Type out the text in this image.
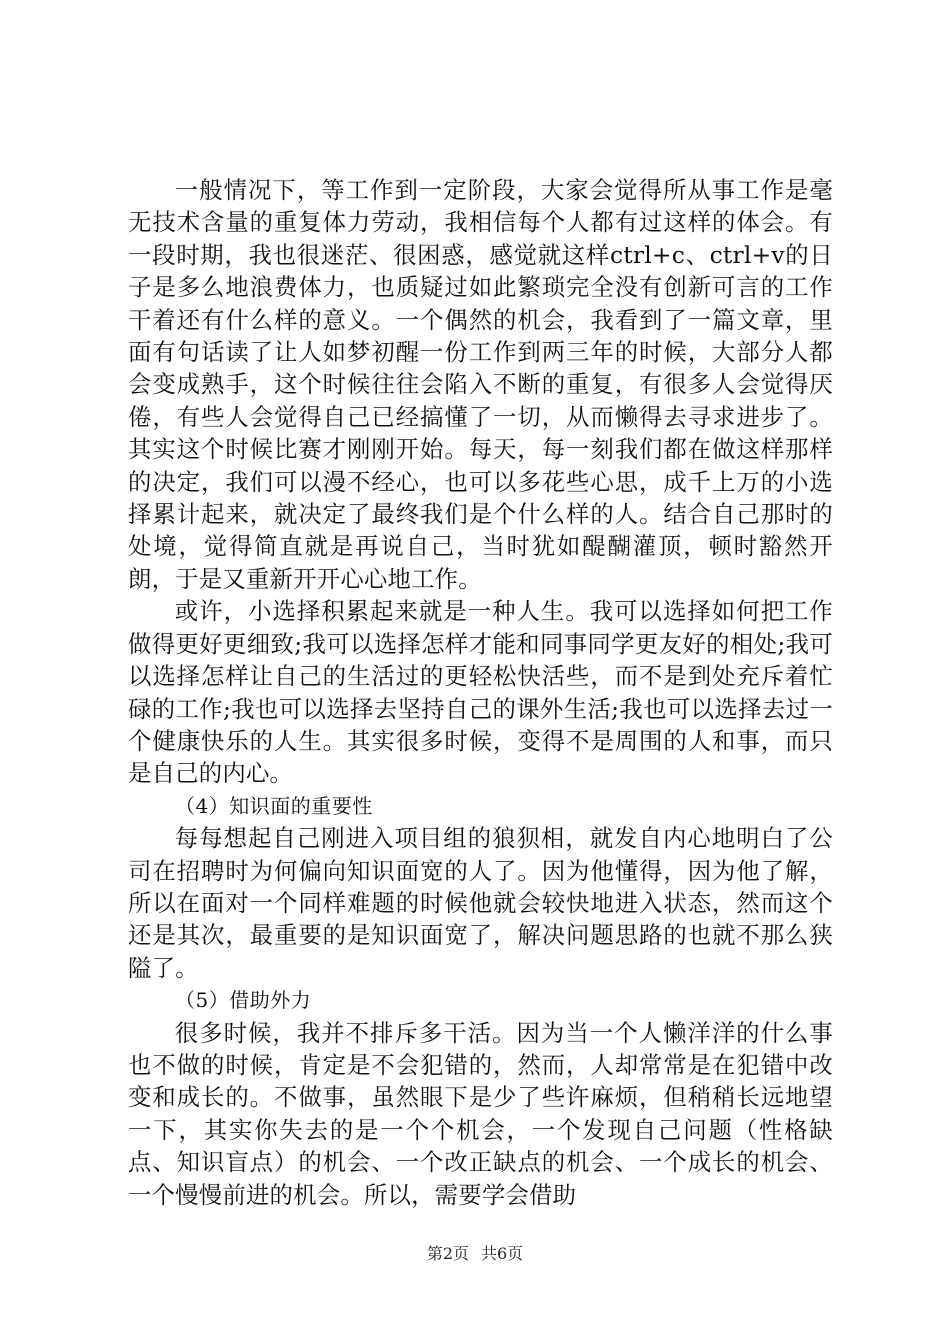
一般情况下，等工作到一定阶段，大家会觉得所从事工作是毫无技术含量的重复体力劳动，我相信每个人都有过这样的体会。有一段时期，我也很迷茫、很困惑，感觉就这样ctrl+c、ctrl+v的日子是多么地浪费体力，也质疑过如此繁琐完全没有创新可言的工作干着还有什么样的意义。一个偶然的机会，我看到了一篇文章，里面有句话读了让人如梦初醒一份工作到两三年的时候，大部分人都会变成熟手，这个时候往往会陷入不断的重复，有很多人会觉得厌倦，有些人会觉得自己已经搞懂了一切，从而懒得去寻求进步了。其实这个时候比赛才刚刚开始。每天，每一刻我们都在做这样那样的决定，我们可以漫不经心，也可以多花些心思，成千上万的小选择累计起来，就决定了最终我们是个什么样的人。结合自己那时的处境，觉得简直就是再说自己，当时犹如醍醐灌顶，顿时豁然开朗，于是又重新开开心心地工作。

或许，小选择积累起来就是一种人生。我可以选择如何把工作做得更好更细致;我可以选择怎样才能和同事同学更友好的相处;我可以选择怎样让自己的生活过的更轻松快活些，而不是到处充斥着忙碌的工作;我也可以选择去坚持自己的课外生活;我也可以选择去过一个健康快乐的人生。其实很多时候，变得不是周围的人和事，而只是自己的内心。

（4）知识面的重要性

每每想起自己刚进入项目组的狼狈相，就发自内心地明白了公司在招聘时为何偏向知识面宽的人了。因为他懂得，因为他了解，所以在面对一个同样难题的时候他就会较快地进入状态，然而这个还是其次，最重要的是知识面宽了，解决问题思路的也就不那么狭隘了。

（5）借助外力

很多时候，我并不排斥多干活。因为当一个人懒洋洋的什么事也不做的时候，肯定是不会犯错的，然而，人却常常是在犯错中改变和成长的。不做事，虽然眼下是少了些许麻烦，但稍稍长远地望一下，其实你失去的是一个个机会，一个发现自己问题（性格缺点、知识盲点）的机会、一个改正缺点的机会、一个成长的机会、一个慢慢前进的机会。所以，需要学会借助

第2页 共6页
